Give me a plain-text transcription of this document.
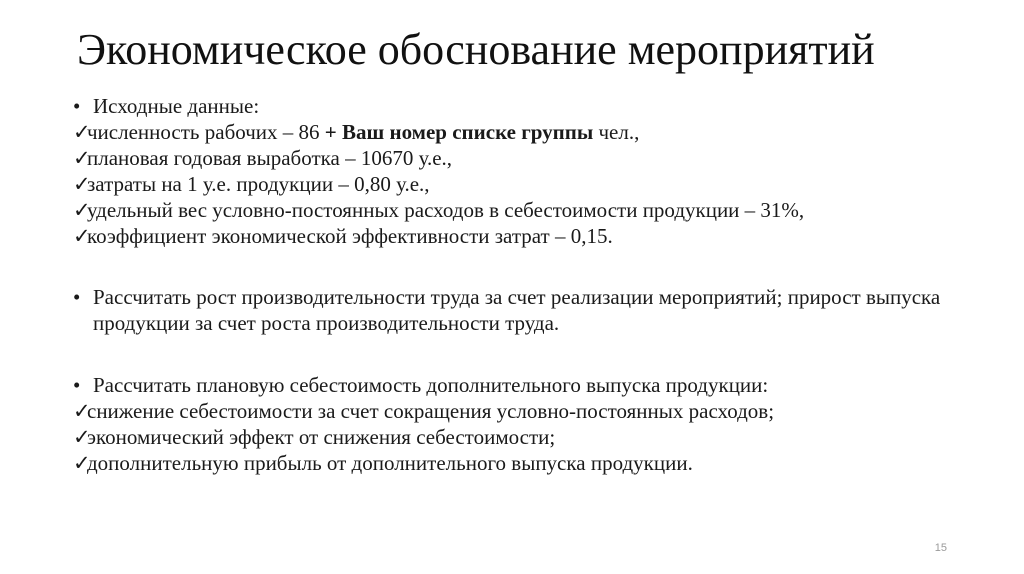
Экономическое обоснование мероприятий
• Исходные данные:
✓численность рабочих – 86 + Ваш номер списке группы чел.,
✓плановая годовая выработка – 10670 у.е.,
✓затраты на 1 у.е. продукции – 0,80 у.е.,
✓удельный вес условно-постоянных расходов в себестоимости продукции – 31%,
✓коэффициент экономической эффективности затрат – 0,15.
• Рассчитать рост производительности труда за счет реализации мероприятий; прирост выпуска продукции за счет роста производительности труда.
• Рассчитать плановую себестоимость дополнительного выпуска продукции:
✓снижение себестоимости за счет сокращения условно-постоянных расходов;
✓экономический эффект от снижения себестоимости;
✓дополнительную прибыль от дополнительного выпуска продукции.
15
